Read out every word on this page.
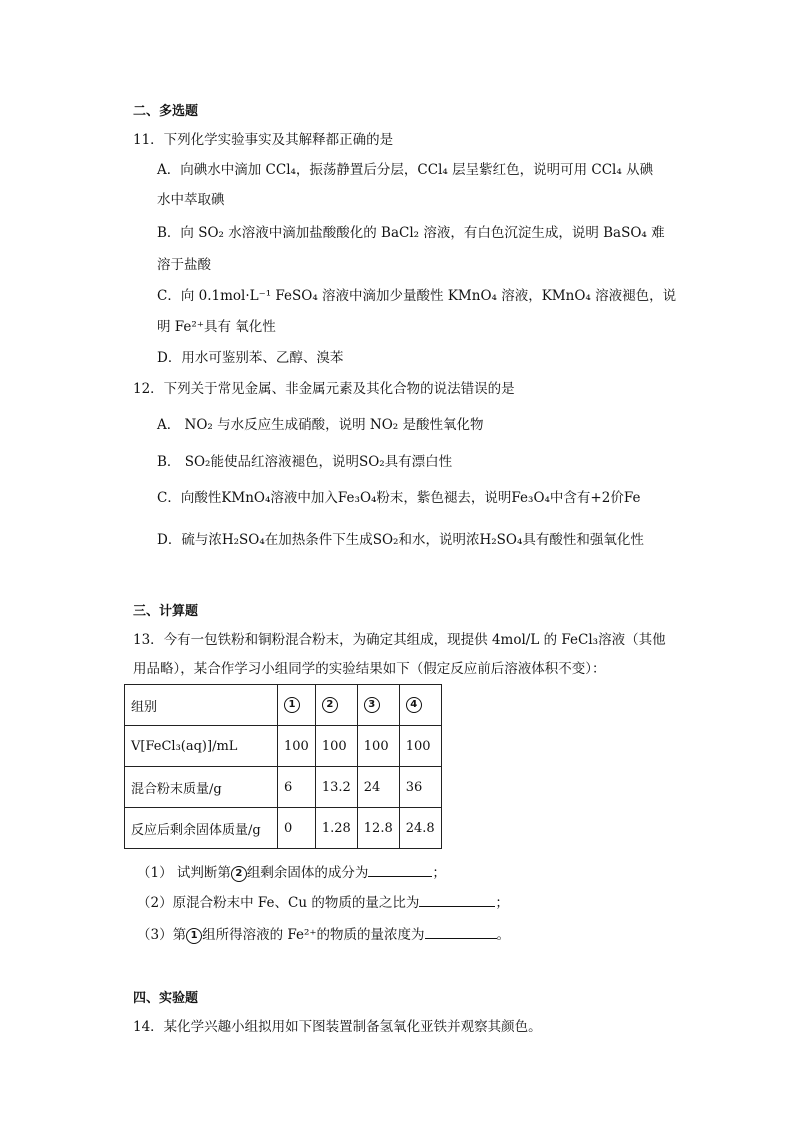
二、多选题
11．下列化学实验事实及其解释都正确的是
A．向碘水中滴加 CCl₄，振荡静置后分层，CCl₄ 层呈紫红色，说明可用 CCl₄ 从碘
水中萃取碘
B．向 SO₂ 水溶液中滴加盐酸酸化的 BaCl₂ 溶液，有白色沉淀生成，说明 BaSO₄ 难
溶于盐酸
C．向 0.1mol·L⁻¹ FeSO₄ 溶液中滴加少量酸性 KMnO₄ 溶液，KMnO₄ 溶液褪色，说
明 Fe²⁺具有 氧化性
D．用水可鉴别苯、乙醇、溴苯
12．下列关于常见金属、非金属元素及其化合物的说法错误的是
A． NO₂ 与水反应生成硝酸，说明 NO₂ 是酸性氧化物
B． SO₂能使品红溶液褪色，说明SO₂具有漂白性
C．向酸性KMnO₄溶液中加入Fe₃O₄粉末，紫色褪去，说明Fe₃O₄中含有+2价Fe
D．硫与浓H₂SO₄在加热条件下生成SO₂和水，说明浓H₂SO₄具有酸性和强氧化性
三、计算题
13．今有一包铁粉和铜粉混合粉末，为确定其组成，现提供 4mol/L 的 FeCl₃溶液（其他
用品略），某合作学习小组同学的实验结果如下（假定反应前后溶液体积不变）：
组别	1	2	3	4
V[FeCl₃(aq)]/mL	100	100	100	100
混合粉末质量/g	6	13.2	24	36
反应后剩余固体质量/g	0	1.28	12.8	24.8
（1） 试判断第 2 组剩余固体的成分为	；
（2）原混合粉末中 Fe、Cu 的物质的量之比为	；
（3）第 1 组所得溶液的 Fe²⁺的物质的量浓度为	。
四、实验题
14．某化学兴趣小组拟用如下图装置制备氢氧化亚铁并观察其颜色。
